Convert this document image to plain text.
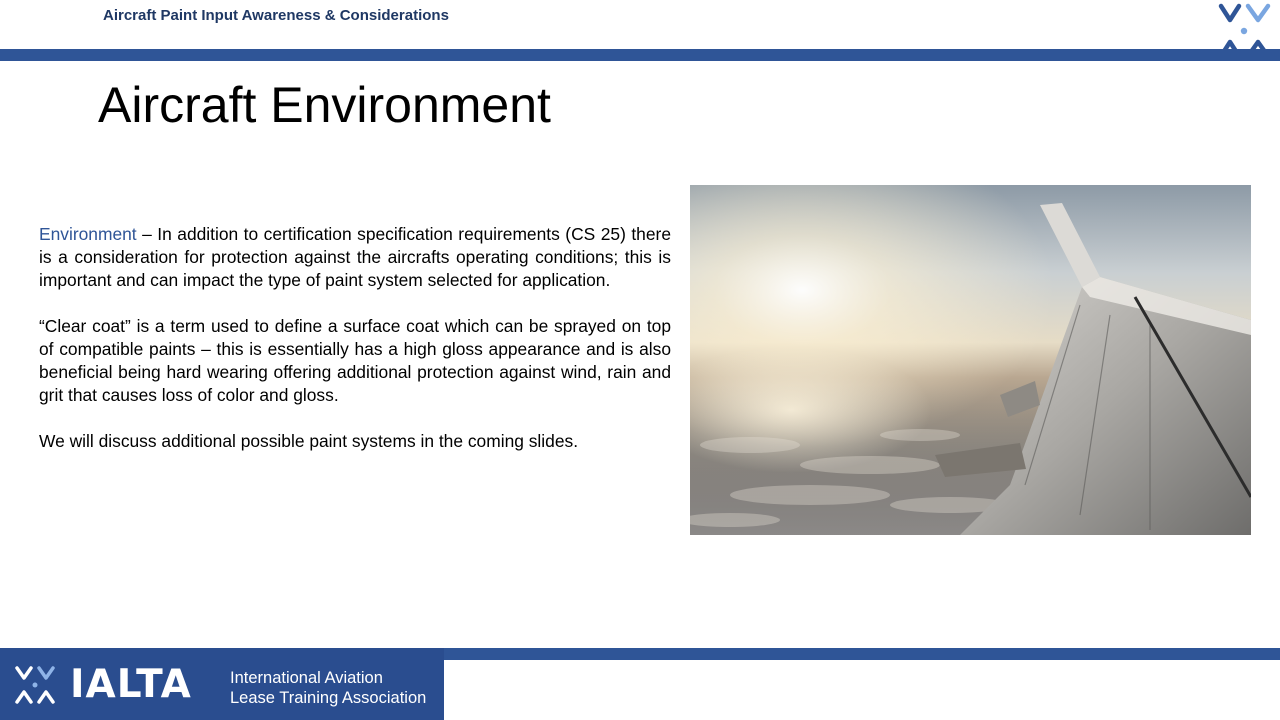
Aircraft Paint Input Awareness & Considerations
Aircraft Environment

Environment – In addition to certification specification requirements (CS 25) there is a consideration for protection against the aircrafts operating conditions; this is important and can impact the type of paint system selected for application.

“Clear coat” is a term used to define a surface coat which can be sprayed on top of compatible paints – this is essentially has a high gloss appearance and is also beneficial being hard wearing offering additional protection against wind, rain and grit that causes loss of color and gloss.

We will discuss additional possible paint systems in the coming slides.

IALTA International Aviation
Lease Training Association
